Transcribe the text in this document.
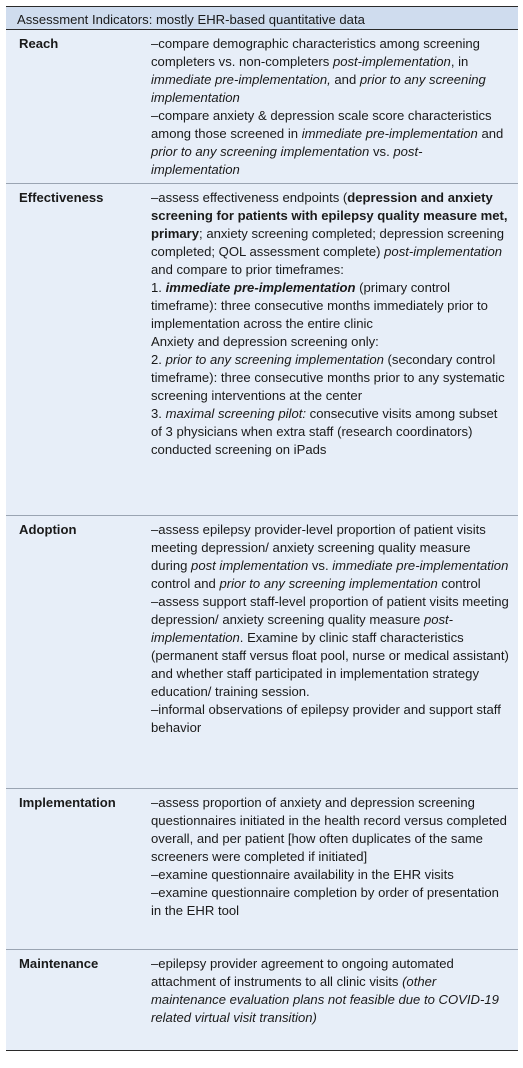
Assessment Indicators: mostly EHR-based quantitative data
Reach	–compare demographic characteristics among screening completers vs. non-completers post-implementation, in immediate pre-implementation, and prior to any screening implementation

–compare anxiety & depression scale score characteristics among those screened in immediate pre-implementation and prior to any screening implementation vs. post-implementation

Effectiveness	–assess effectiveness endpoints (depression and anxiety screening for patients with epilepsy quality measure met, primary; anxiety screening completed; depression screening completed; QOL assessment complete) post-implementation and compare to prior timeframes:

1. immediate pre-implementation (primary control timeframe): three consecutive months immediately prior to implementation across the entire clinic

Anxiety and depression screening only:

2. prior to any screening implementation (secondary control timeframe): three consecutive months prior to any systematic screening interventions at the center

3. maximal screening pilot: consecutive visits among subset of 3 physicians when extra staff (research coordinators) conducted screening on iPads

Adoption	–assess epilepsy provider-level proportion of patient visits meeting depression/ anxiety screening quality measure during post implementation vs. immediate pre-implementation control and prior to any screening implementation control

–assess support staff-level proportion of patient visits meeting depression/ anxiety screening quality measure post-implementation. Examine by clinic staff characteristics (permanent staff versus float pool, nurse or medical assistant) and whether staff participated in implementation strategy education/ training session.

–informal observations of epilepsy provider and support staff behavior

Implementation	–assess proportion of anxiety and depression screening questionnaires initiated in the health record versus completed overall, and per patient [how often duplicates of the same screeners were completed if initiated]

–examine questionnaire availability in the EHR visits

–examine questionnaire completion by order of presentation in the EHR tool

Maintenance	–epilepsy provider agreement to ongoing automated attachment of instruments to all clinic visits (other maintenance evaluation plans not feasible due to COVID-19 related virtual visit transition)
